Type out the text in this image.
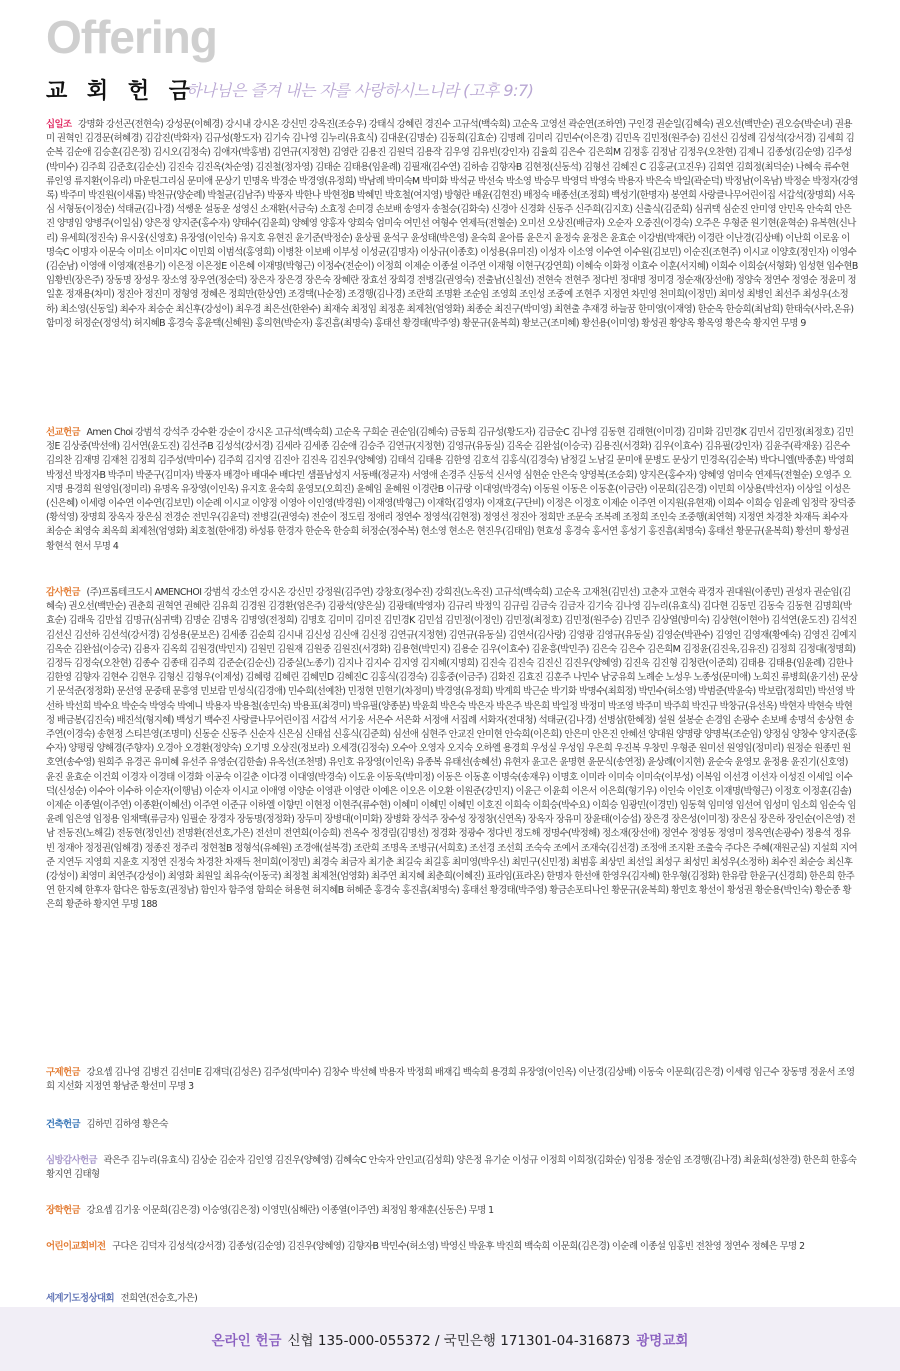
Offering
교 회 헌 금
하나님은 즐겨 내는 자를 사랑하시느니라 (고후 9:7)

십일조 강명화 강선곤(전현숙) 강성문(이혜경) 강시내 강시온 강신민 강옥진(조승우) 강태식 강혜린 경진수 고규석(백숙희) 고순옥 고영선 곽순연(조하연) 구인경 권순일(김혜숙) 권오선(백만순) 권오승(박순녀) 권용미 권혁인 김경문(허혜경) 김감진(박화자) 김규성(황도자) 김기숙 김나영 김누리(유효식) 김대운(김명순) 김동희(김효순) 김명례 김미리 김민수(이은경) 김민옥 김민정(원주승) 김선신 김성례 김성석(강서경) 김세희 김순복 김순애 김승훈(김은정) 김시오(김정숙) 김애자(박홍범) 김연규(지정현) 김영란 김용진 김원덕 김용작 김우영 김유빈(강인자) 김율희 김은수 김은희M 김정홍 김정남 김정우(오찬현) 김제니 김종성(김순영) 김주성(박미수) 김주희 김준호(김순신) 김진숙 김진옥(차순영) 김진철(정자영) 김태순 김태용(임윤례) 김필재(김수연) 김하솜 김향자B 김현정(신동석) 김형선 김혜진 C 김홍균(고진우) 김희연 김희정(최덕순) 나혜숙 류수현 류인영 류지환(이유리) 마운틴그리심 문미애 문상기 민명옥 박경순 박경영(유정희) 박남례 박미숙M 박미화 박석균 박선숙 박소영 박승무 박영덕 박영숙 박용자 박은숙 박일(곽순덕) 박정남(이옥남) 박정순 박정자(강영록) 박주미 박진원(이새롬) 박천규(양순례) 박철균(김남주) 박풍자 박한나 박현정B 박혜민 박호철(여지영) 방형란 배윤(김현진) 배정숙 배종선(조정희) 백성기(한명자) 봉연희 사랑클나무어린이집 서갑석(장명희) 서옥심 서형동(이정순) 석태균(김나경) 석쌩운 설동운 성영신 소재환(서금숙) 소효정 손미경 손보배 송영자 송철승(김화숙) 신경아 신경화 신동주 신주희(김지호) 신출식(김준희) 심귀택 심순진 안미영 안민옥 안숙희 안은진 양명임 양병주(이일심) 양은정 양지준(홍수자) 양태수(김윤희) 양혜영 양홍자 양희숙 엄미숙 여민선 여형수 연제득(전혈순) 오미선 오상진(배금자) 오순자 오중진(이경숙) 오주은 우형준 원기현(윤혁순) 유복현(신나리) 유세희(정진숙) 유시웅(신영호) 유장영(이인숙) 유지호 유현진 윤기준(박정순) 윤상필 윤석구 윤성태(박은영) 윤숙희 윤아름 윤은지 윤정숙 윤정은 윤효순 이강범(박재란) 이경란 이난경(김상배) 이난희 이로움 이명숙C 이명자 이문숙 이미소 이미자C 이민희 이범석(홍영희) 이병찬 이보배 이부성 이성균(김명자) 이상규(이종호) 이성용(유미진) 이성자 이소영 이수연 이수원(김보민) 이순진(조현주) 이시교 이양호(정인자) 이영수(김순남) 이영애 이영재(전용기) 이은정 이은정E 이은혜 이재명(박형근) 이정수(전순이) 이정희 이제순 이종설 이주연 이재형 이현구(강연희) 이혜숙 이화정 이효수 이훈(서지혜) 이희수 이희승(서형화) 임성현 임수현B 임황빈(장은주) 장동명 장성우 장소영 장우연(정순덕) 장은자 장은경 장은숙 장혜란 장효선 장희경 전병길(권영숙) 전출남(신칠선) 전현숙 전현주 정다빈 정대명 정미경 정순재(장선애) 정양숙 정연수 정영순 정윤미 정일훈 정재용(차미) 정진아 정진미 정형영 정혜은 정희만(한상연) 조경택(나순정) 조경행(김나경) 조란희 조명환 조순임 조영희 조인성 조중예 조현주 지정연 차민영 천미희(이정민) 최미성 최병인 최선주 최성우(소정하) 최소영(신동일) 최수자 최승순 최신후(강성이) 최우경 최은선(한완수) 최재숙 최정임 최정훈 최제천(엄영화) 최종순 최진구(박미영) 최현출 추재경 하늘꿈 한미영(이재영) 한순옥 한승희(최남희) 한태숙(사라,온유) 함미정 허정순(정영석) 허지혜B 홍경숙 홍윤택(신혜원) 홍의현(박순자) 홍진흠(최명숙) 홍태선 황경태(박주영) 황문규(윤복희) 황보근(조미혜) 황선용(이미영) 황성권 황양옥 황옥영 황은숙 황지연 무명 9

선교헌금 Amen Choi 강범석 강석주 강수환 강순이 강시온 고규석(백숙희) 고순옥 구희순 권순임(김혜숙) 금동희 김규성(황도자) 김금순C 김나영 김동현 김래현(이미경) 김미화 김민경K 김민서 김민정(최정호) 김민정E 김상중(박선애) 김서연(윤도진) 김선주B 김성석(강서경) 김세라 김세종 김순애 김승주 김연규(지정현) 김영규(유동실) 김옥순 김완섭(이승국) 김용진(서경화) 김우(이효수) 김유필(강인자) 김윤주(곽재웅) 김은수 김의찬 김재명 김재천 김정희 김주성(박미수) 김주희 김지영 김진아 김진옥 김진우(양혜영) 김태석 김태용 김한영 김호석 김홍식(김경숙) 남정길 노남길 문미애 문병도 문상기 민경옥(김순복) 박다니엘(박종훈) 박영희 박정선 박정자B 박주미 박준구(김미자) 박풍자 배경아 배대수 배다민 샘플남성지 서동배(정균자) 서영애 손경주 신동석 신서영 심현순 안은숙 양영복(조승회) 양지은(홍수자) 양혜영 엄미숙 연제득(전혈순) 오영주 오지명 용경희 원영임(정미리) 유명옥 유장영(이인옥) 유지호 윤숙희 윤영모(오희진) 윤혜임 윤혜원 이경란B 이규랑 이대영(박경숙) 이동원 이동은 이동훈(이금란) 이문희(김은경) 이민희 이상용(박선자) 이상일 이성은(신은혜) 이세령 이수연 이수연(김보민) 이순례 이시교 이양정 이영아 이인영(박경원) 이재영(박형근) 이재학(김영자) 이재호(구단비) 이정은 이정호 이제순 이주연 이지원(유현재) 이희수 이희승 임윤례 임정락 장덕중(황석영) 장명희 장옥자 장은심 전경순 전민우(김윤덕) 전병길(권영숙) 전순이 정도림 정애리 정연수 정영석(김현정) 정영선 정진아 정희만 조문숙 조복례 조정희 조인숙 조중행(최연혁) 지정연 차경찬 차재득 최수자 최승순 최영숙 최옥희 최제천(엄영화) 최호철(한애경) 하성룡 한경자 한순옥 한승희 허정순(정수복) 현소영 현소은 현진우(김태임) 현효성 홍경숙 홍서연 홍성기 홍진흠(최명숙) 홍태선 황문규(윤복희) 황선미 황성권 황현석 현서 무명 4

감사헌금 (주)프롬테크도시 AMENCHOI 강범석 강소연 강시온 강신민 강정원(김주연) 강창호(정수진) 강희진(노옥진) 고규석(백숙희) 고순옥 고재천(김민선) 고춘자 고현숙 곽경자 권대원(이종민) 권성자 권순임(김혜숙) 권오선(백만순) 권춘희 권혁연 권혜란 김유희 김경원 김경환(엄은주) 김광석(양은실) 김광태(박영자) 김규리 박정익 김규림 김금숙 김금자 김기숙 김나영 김누리(유효식) 김다현 김동민 김동숙 김동현 김명희(박효순) 김래욱 김만섭 김명규(심귀택) 김명순 김명옥 김명영(전정희) 김명호 김미미 김미진 김민경K 김민섭 김민정(이정인) 김민정(최정호) 김민정(원주승) 김민주 김상열(방미숙) 김상현(이현아) 김석연(윤도진) 김석진 김선신 김선하 김선석(강서경) 김성용(문보은) 김세종 김순희 김시내 김신성 김신애 김신정 김연규(지정현) 김연규(유동실) 김연서(김사랑) 김영광 김영규(유동실) 김영순(박관수) 김영인 김영재(황예숙) 김영진 김예지 김옥순 김완섭(이승국) 김용자 김옥희 김원경(박민지) 김원민 김원재 김원중 김원진(서경화) 김용현(박민지) 김용순 김우(이효수) 김윤흥(박민주) 김은숙 김은수 김은희M 김정윤(김진욱,김유진) 김정희 김정대(정명희) 김정득 김정숙(오찬현) 김종수 김종태 김주희 김준순(김순신) 김중실(노종기) 김지나 김지수 김지영 김지혜(지명희) 김진숙 김진숙 김진신 김진우(양혜영) 김진욱 김진형 김청란(이준희) 김태용 김태용(임윤례) 김한나 김한영 김향자 김현수 김현우 김형신 김형우(이제성) 김혜령 김혜린 김혜민D 김혜진C 김홍식(김경숙) 김홍중(이금주) 김화진 김효진 김훈주 나민수 남궁유희 노례순 노성우 노종성(문미애) 노희진 류병희(윤기선) 문상기 문석준(정정화) 문선영 문중태 문흥영 민보람 민성식(김경애) 민수희(선예찬) 민정현 민현기(차정미) 박경영(유정희) 박계희 박근순 박기화 박명수(최희정) 박민수(허소영) 박범준(박윤숙) 박보람(정희민) 박선영 박선하 박선희 박수요 박순숙 박영숙 박예니 박용자 박용철(송민숙) 박용표(최경미) 박유필(양종분) 박윤희 박은숙 박은자 박은주 박은희 박일정 박정미 박조영 박주미 박주희 박진규 박창규(유선옥) 박현자 박현숙 박현정 배금봉(김진숙) 배진석(형지혜) 백성기 백수진 사랑클나무어린이집 서갑석 서기웅 서은수 서은화 서정애 서집례 서화자(전대청) 석태균(김나경) 선병삼(한혜정) 설원 설봉순 손경임 손광수 손보배 송명석 송상현 송주연(이경숙) 송현정 스티븐영(조명미) 신동순 신동주 신순자 신은심 신태섭 신홍식(김준희) 심선애 심현주 안교진 안미현 안숙희(이은희) 안은미 안은진 안혜선 양대원 양명량 양명복(조순임) 양정심 양창수 양지준(홍수자) 양평링 양해경(주향자) 오경아 오경환(정양숙) 오기명 오상진(정보라) 오세경(김정숙) 오수아 오영자 오지숙 오하엘 용경희 우성실 우성임 우은희 우진복 우창민 우형준 원미선 원영임(정미리) 원정순 원종민 원호연(송수영) 원희주 유경곤 유미혜 유선주 유영순(김한솔) 유옥선(조천명) 유인호 유장영(이인옥) 유종복 유태선(송혜선) 유현자 윤고은 윤명현 윤문식(송연정) 윤상례(이지현) 윤순숙 윤영모 윤정용 윤진기(신호영) 윤진 윤효순 이건희 이경자 이경태 이경화 이공숙 이길춘 이다경 이대영(박경숙) 이도윤 이동욱(박미정) 이동은 이동훈 이명숙(송재우) 이명호 이미라 이미숙 이미숙(이부성) 이복임 이선경 이선자 이성진 이세일 이수덕(신성순) 이수아 이수하 이순자(이행님) 이순자 이시교 이애영 이양순 이영관 이영란 이예은 이오은 이오환 이원준(강민지) 이윤근 이윤희 이은서 이은희(형기우) 이인숙 이인호 이재명(박형근) 이정호 이정훈(김솔) 이제순 이종열(이주연) 이종환(이혜선) 이주연 이준규 이하엘 이향민 이현정 이현주(류수현) 이혜미 이혜민 이혜민 이호진 이희숙 이희승(박수요) 이희승 임광민(이경민) 임동혁 임미영 임선여 임성미 임소희 임순숙 임윤례 임은영 임정용 임채택(류금자) 임필순 장경자 장동명(정정화) 장두미 장병대(이미화) 장병화 장석주 장수성 장정창(신연옥) 장옥자 장유미 장윤태(이승섭) 장은경 장은성(이미정) 장은심 장은하 장인순(이은영) 전남 전동진(노해길) 전동현(정인선) 전명환(전선호,가은) 전선미 전연희(이승희) 전옥수 정경림(김명선) 정경화 정광수 정다빈 정도해 정명수(박정해) 정소재(장선애) 정연수 정영동 정영미 정옥연(손광수) 정용석 정유빈 정재아 정정권(임해경) 정종진 정주리 정현철B 정형석(유혜원) 조경애(설복경) 조란희 조명옥 조병규(서희호) 조선경 조선희 조숙숙 조예서 조재숙(김선경) 조정애 조지환 조출숙 주다은 주혜(재원군실) 지설희 지여준 지연두 지영희 지윤호 지정연 진정숙 차경찬 차재득 천미희(이정민) 최경숙 최금자 최기춘 최길숙 최길홍 최미영(박우신) 최민구(신민정) 최범홍 최상민 최선일 최성구 최성민 최성우(소정하) 최수진 최순승 최신후(강성이) 최영미 최연주(강성이) 최영화 최원일 최유숙(이동국) 최정철 최제천(엄영화) 최주연 최지혜 최춘희(이혜진) 표라임(표라온) 한명자 한선애 한영우(김자혜) 한우형(김정화) 한유람 한윤구(신경희) 한은희 한주연 한지혜 한후자 함다은 함동호(권정남) 함인자 함주영 함희순 허용현 허지혜B 허혜준 홍경숙 홍진흠(최명숙) 홍태선 황경태(박주영) 황금손포티나인 황문규(윤복희) 황민호 황선이 황성권 황순용(박인숙) 황순종 황은희 황준하 황지연 무명 188

구제헌금 강요셉 김나영 김병건 김선미E 김재덕(김성은) 김주성(박미수) 김창수 박선혜 박용자 박정희 배재깁 백숙희 용경희 유장영(이인옥) 이난경(김상배) 이동숙 이문희(김은경) 이세령 임근수 장동명 정윤서 조영희 지선화 지정연 황남준 황선미 무명 3

건축헌금 김하민 김하영 황은숙

심방감사헌금 곽은주 김누리(유효식) 김상순 김순자 김인영 김진우(양혜영) 김혜숙C 안숙자 안인교(김성희) 양은정 유기순 이성규 이정희 이희정(김화순) 임정용 정순임 조경행(김나경) 최윤희(성찬경) 한은희 한홍숙 황지연 김태형

장학헌금 강요셉 김기웅 이문희(김은경) 이승영(김은정) 이영민(심해란) 이종열(이주연) 최정임 황재훈(신동은) 무명 1

어린이교회비전 구다은 김덕자 김성석(강서경) 김종성(김순영) 김진우(양혜영) 김향자B 박민수(허소영) 박영신 박윤후 박진희 백숙희 이문희(김은경) 이순례 이종설 임홍빈 전찬영 정연수 정혜은 무명 2

세계기도정상대회 전희연(전승호,가은)

온라인 헌금 신협 135-000-055372 / 국민은행 171301-04-316873 광명교회
